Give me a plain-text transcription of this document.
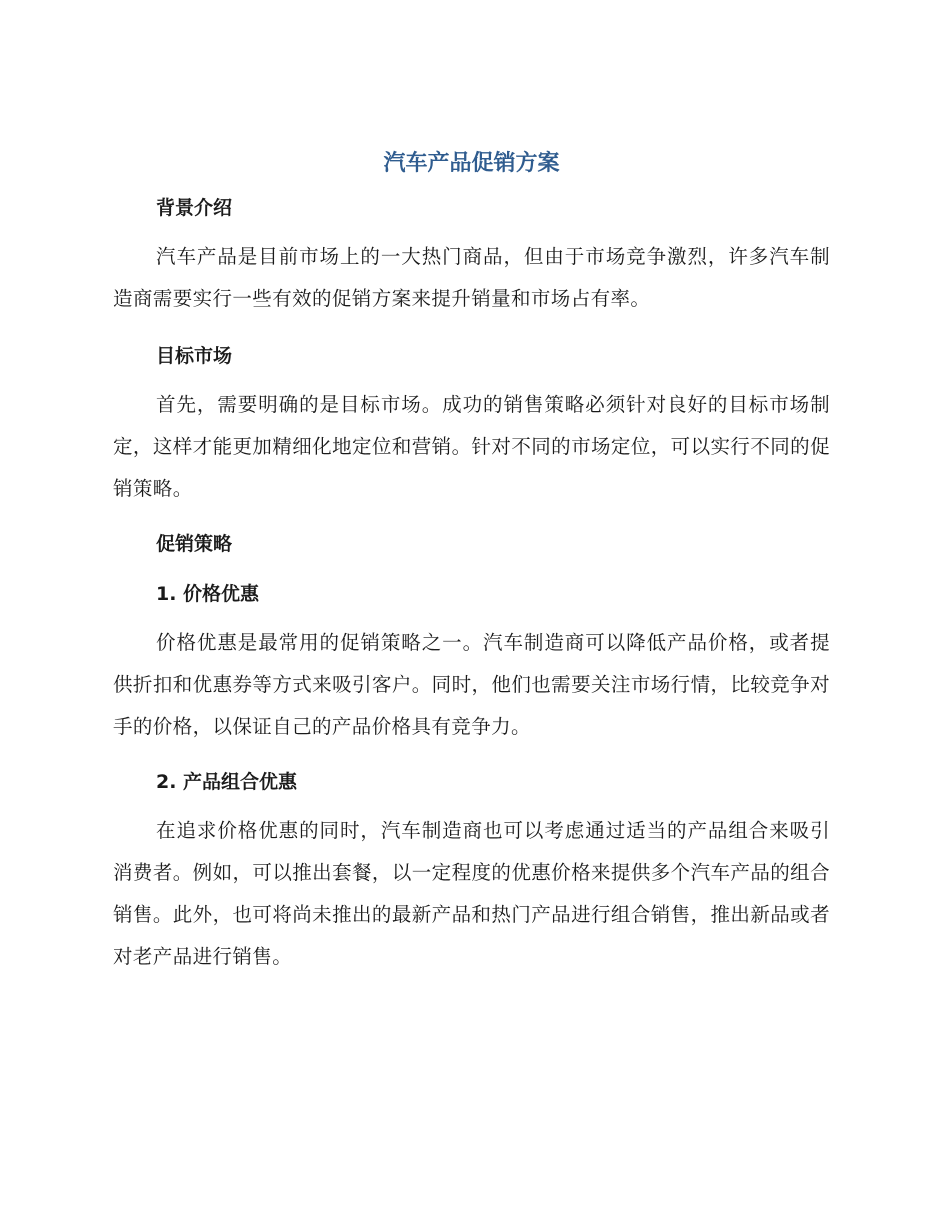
汽车产品促销方案
背景介绍

汽车产品是目前市场上的一大热门商品，但由于市场竞争激烈，许多汽车制造商需要实行一些有效的促销方案来提升销量和市场占有率。

目标市场

首先，需要明确的是目标市场。成功的销售策略必须针对良好的目标市场制定，这样才能更加精细化地定位和营销。针对不同的市场定位，可以实行不同的促销策略。

促销策略
1. 价格优惠

价格优惠是最常用的促销策略之一。汽车制造商可以降低产品价格，或者提供折扣和优惠券等方式来吸引客户。同时，他们也需要关注市场行情，比较竞争对手的价格，以保证自己的产品价格具有竞争力。

2. 产品组合优惠

在追求价格优惠的同时，汽车制造商也可以考虑通过适当的产品组合来吸引消费者。例如，可以推出套餐，以一定程度的优惠价格来提供多个汽车产品的组合销售。此外，也可将尚未推出的最新产品和热门产品进行组合销售，推出新品或者对老产品进行销售。
